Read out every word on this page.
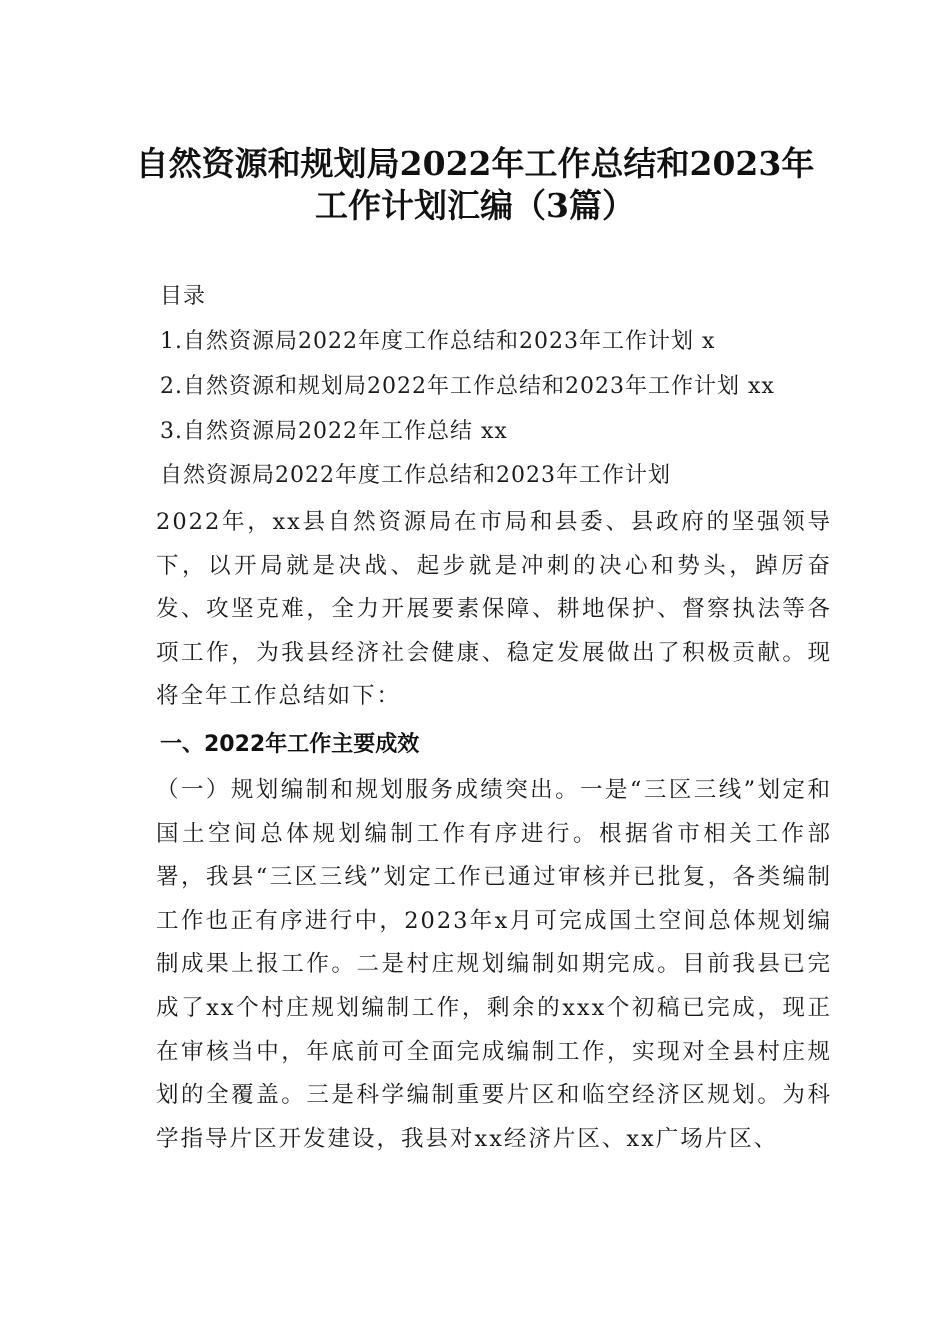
自然资源和规划局2022年工作总结和2023年
工作计划汇编（3篇）
目录
1.自然资源局2022年度工作总结和2023年工作计划 x
2.自然资源和规划局2022年工作总结和2023年工作计划 xx
3.自然资源局2022年工作总结 xx
自然资源局2022年度工作总结和2023年工作计划
2022年，xx县自然资源局在市局和县委、县政府的坚强领导下，以开局就是决战、起步就是冲刺的决心和势头，踔厉奋发、攻坚克难，全力开展要素保障、耕地保护、督察执法等各项工作，为我县经济社会健康、稳定发展做出了积极贡献。现将全年工作总结如下：
一、2022年工作主要成效
（一）规划编制和规划服务成绩突出。一是“三区三线”划定和国土空间总体规划编制工作有序进行。根据省市相关工作部署，我县“三区三线”划定工作已通过审核并已批复，各类编制工作也正有序进行中，2023年x月可完成国土空间总体规划编制成果上报工作。二是村庄规划编制如期完成。目前我县已完成了xx个村庄规划编制工作，剩余的xxx个初稿已完成，现正在审核当中，年底前可全面完成编制工作，实现对全县村庄规划的全覆盖。三是科学编制重要片区和临空经济区规划。为科学指导片区开发建设，我县对xx经济片区、xx广场片区、
